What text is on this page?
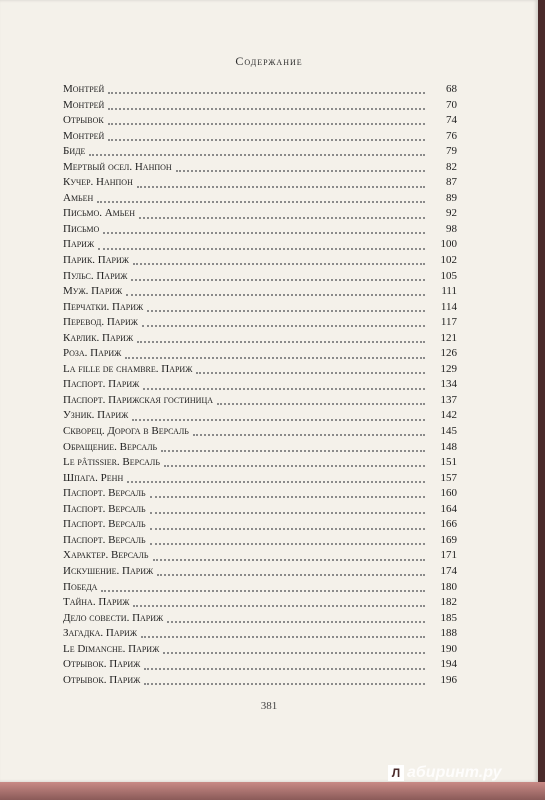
Содержание
Монтрей	68
Монтрей	70
Отрывок	74
Монтрей	76
Биде	79
Мертвый осел. Нанпон	82
Кучер. Нанпон	87
Амьен	89
Письмо. Амьен	92
Письмо	98
Париж	100
Парик. Париж	102
Пульс. Париж	105
Муж. Париж	111
Перчатки. Париж	114
Перевод. Париж	117
Карлик. Париж	121
Роза. Париж	126
La fille de chambre. Париж	129
Паспорт. Париж	134
Паспорт. Парижская гостиница	137
Узник. Париж	142
Скворец. Дорога в Версаль	145
Обращение. Версаль	148
Le pâtissier. Версаль	151
Шпага. Ренн	157
Паспорт. Версаль	160
Паспорт. Версаль	164
Паспорт. Версаль	166
Паспорт. Версаль	169
Характер. Версаль	171
Искушение. Париж	174
Победа	180
Тайна. Париж	182
Дело совести. Париж	185
Загадка. Париж	188
Le Dimanche. Париж	190
Отрывок. Париж	194
Отрывок. Париж	196
381
Л абиринт.ру
